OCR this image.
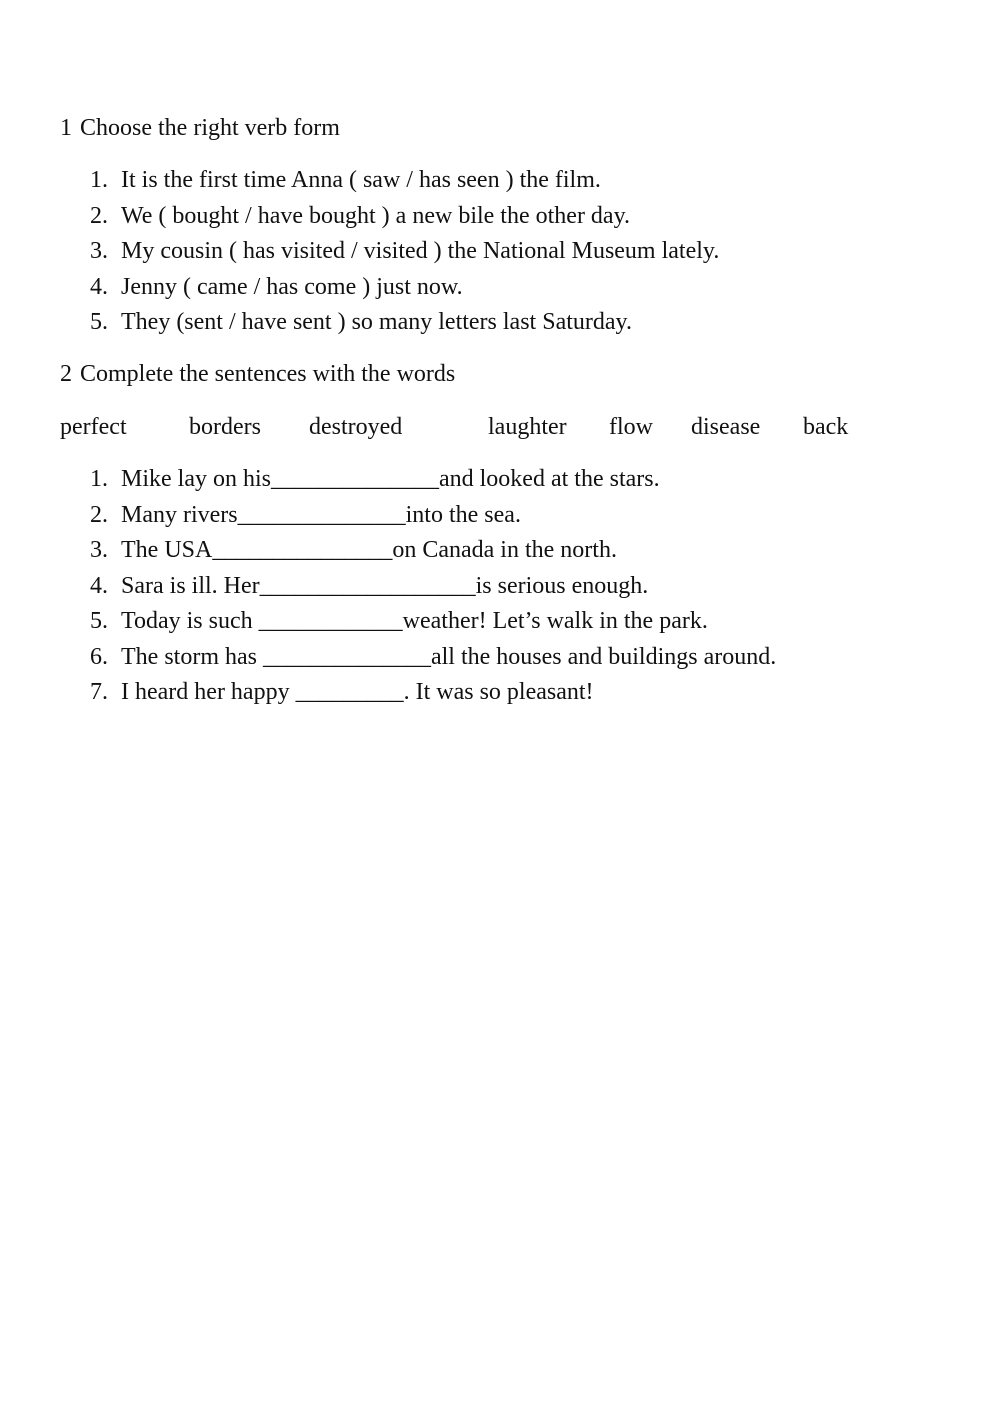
1 Choose the right verb form
1. It is the first time Anna ( saw / has seen ) the film.
2. We ( bought / have bought ) a new bile the other day.
3. My cousin ( has visited / visited ) the National Museum lately.
4. Jenny ( came / has come ) just now.
5. They (sent / have sent ) so many letters last Saturday.
2 Complete the sentences with the words
perfect	borders destroyed	laughter flow disease back
1. Mike lay on his______________and looked at the stars.
2. Many rivers______________into the sea.
3. The USA_______________on Canada in the north.
4. Sara is ill. Her__________________is serious enough.
5. Today is such ____________weather! Let’s walk in the park.
6. The storm has ______________all the houses and buildings around.
7. I heard her happy _________. It was so pleasant!
